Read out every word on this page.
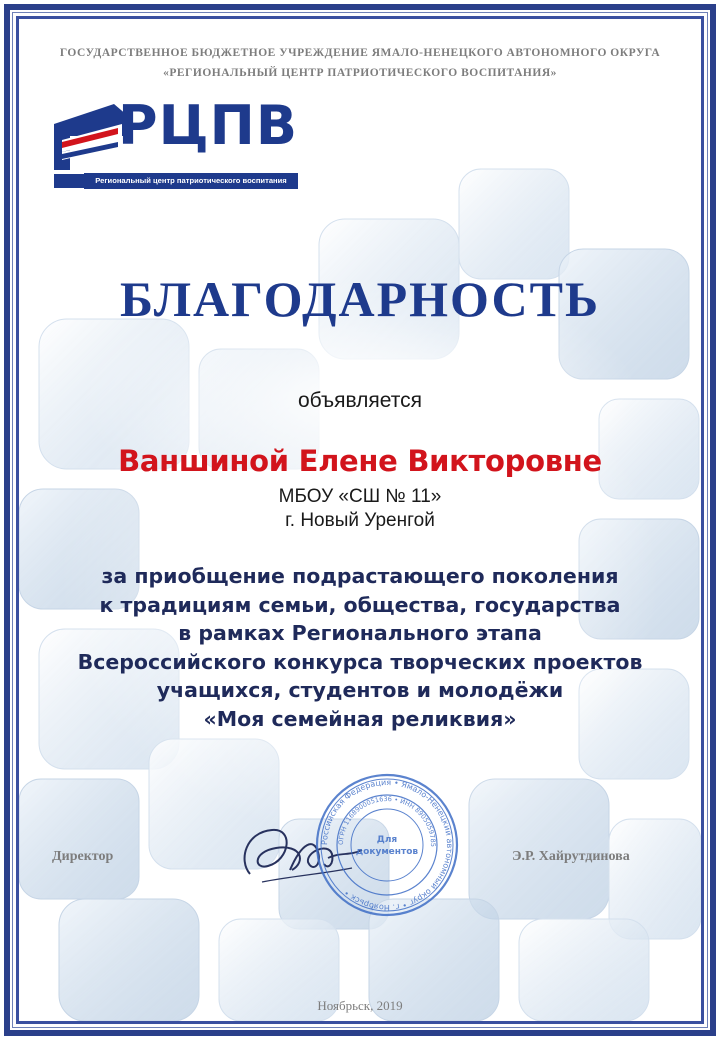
ГОСУДАРСТВЕННОЕ БЮДЖЕТНОЕ УЧРЕЖДЕНИЕ ЯМАЛО-НЕНЕЦКОГО АВТОНОМНОГО ОКРУГА

«РЕГИОНАЛЬНЫЙ ЦЕНТР ПАТРИОТИЧЕСКОГО ВОСПИТАНИЯ»

РЦПВ
Региональный центр патриотического воспитания
БЛАГОДАРНОСТЬ

объявляется

Ваншиной Елене Викторовне

МБОУ «СШ № 11»

г. Новый Уренгой

за приобщение подрастающего поколения
к традициям семьи, общества, государства
в рамках Регионального этапа
Всероссийского конкурса творческих проектов
учащихся, студентов и молодёжи
«Моя семейная реликвия»
Директор
Российская Федерация • Ямало-Ненецкий автономный округ • г. Ноябрьск •
ОГРН 1168900051636 • ИНН 8905059785
Для
документов	Э.Р. Хайрутдинова

Ноябрьск, 2019
